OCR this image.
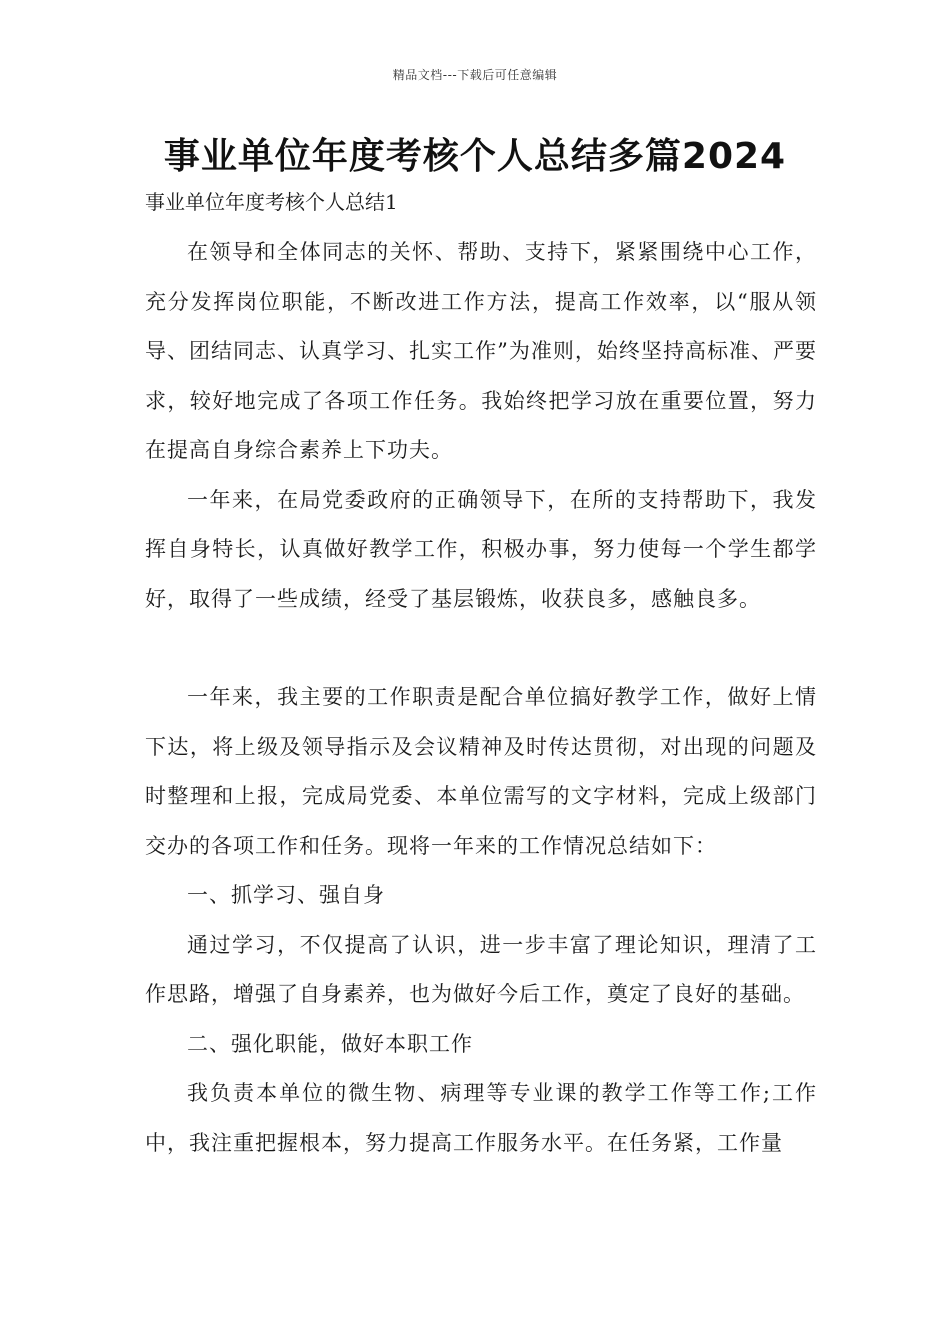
精品文档---下载后可任意编辑
事业单位年度考核个人总结多篇2024
事业单位年度考核个人总结1

在领导和全体同志的关怀、帮助、支持下，紧紧围绕中心工作，充分发挥岗位职能，不断改进工作方法，提高工作效率，以“服从领导、团结同志、认真学习、扎实工作”为准则，始终坚持高标准、严要求，较好地完成了各项工作任务。我始终把学习放在重要位置，努力在提高自身综合素养上下功夫。

一年来，在局党委政府的正确领导下，在所的支持帮助下，我发挥自身特长，认真做好教学工作，积极办事，努力使每一个学生都学好，取得了一些成绩，经受了基层锻炼，收获良多，感触良多。

一年来，我主要的工作职责是配合单位搞好教学工作，做好上情下达，将上级及领导指示及会议精神及时传达贯彻，对出现的问题及时整理和上报，完成局党委、本单位需写的文字材料，完成上级部门交办的各项工作和任务。现将一年来的工作情况总结如下：

一、抓学习、强自身

通过学习，不仅提高了认识，进一步丰富了理论知识，理清了工作思路，增强了自身素养，也为做好今后工作，奠定了良好的基础。

二、强化职能，做好本职工作

我负责本单位的微生物、病理等专业课的教学工作等工作;工作中，我注重把握根本，努力提高工作服务水平。在任务紧，工作量
